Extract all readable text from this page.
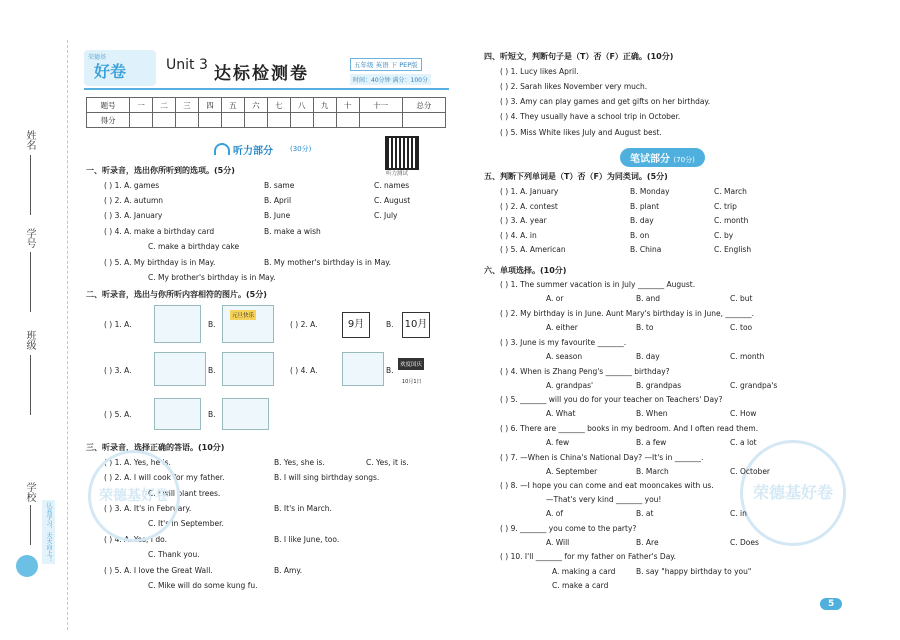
姓名
学号
班级
学校
认真学习，天天向上！
荣德基
好卷	Unit 3 达标检测卷	五年级 英语 下 PEP版
时间：40分钟 满分：100分
题号	一	二	三	四	五	六	七	八	九	十	十一	总分
得分												
听力部分 (30分)
听力测试
一、听录音，选出你所听到的选项。(5分)
( ) 1. A. games	B. same	C. names
( ) 2. A. autumn	B. April	C. August
( ) 3. A. January	B. June	C. July
( ) 4. A. make a birthday card	B. make a wish
C. make a birthday cake
( ) 5. A. My birthday is in May.	B. My mother's birthday is in May.
C. My brother's birthday is in May.
二、听录音，选出与你所听内容相符的图片。(5分)
( ) 1. A.	B.
元旦快乐
( ) 2. A.	9月	B. 10月
( ) 3. A.	B.	( ) 4. A.	B.
欢度国庆
10月1日
( ) 5. A.	B.
三、听录音，选择正确的答语。(10分)
( ) 1. A. Yes, he is.	B. Yes, she is.	C. Yes, it is.
( ) 2. A. I will cook for my father.	B. I will sing birthday songs.
C. I will plant trees.
( ) 3. A. It's in February.	B. It's in March.
C. It's in September.
( ) 4. A. Yes, I do.	B. I like June, too.
C. Thank you.
( ) 5. A. I love the Great Wall.	B. Amy.
C. Mike will do some kung fu.
荣德基好卷	荣德基好卷
四、听短文，判断句子是（T）否（F）正确。(10分)
( ) 1. Lucy likes April.
( ) 2. Sarah likes November very much.
( ) 3. Amy can play games and get gifts on her birthday.
( ) 4. They usually have a school trip in October.
( ) 5. Miss White likes July and August best.
笔试部分 (70分)
五、判断下列单词是（T）否（F）为同类词。(5分)
( ) 1. A. January	B. Monday	C. March
( ) 2. A. contest	B. plant	C. trip
( ) 3. A. year	B. day	C. month
( ) 4. A. in	B. on	C. by
( ) 5. A. American	B. China	C. English
六、单项选择。(10分)
( ) 1. The summer vacation is in July _______ August.
A. or	B. and	C. but
( ) 2. My birthday is in June. Aunt Mary's birthday is in June, _______.
A. either	B. to	C. too
( ) 3. June is my favourite _______.
A. season	B. day	C. month
( ) 4. When is Zhang Peng's _______ birthday?
A. grandpas'	B. grandpas	C. grandpa's
( ) 5. _______ will you do for your teacher on Teachers' Day?
A. What	B. When	C. How
( ) 6. There are _______ books in my bedroom. And I often read them.
A. few	B. a few	C. a lot
( ) 7. —When is China's National Day? —It's in _______.
A. September	B. March	C. October
( ) 8. —I hope you can come and eat mooncakes with us.
—That's very kind _______ you!
A. of	B. at	C. in
( ) 9. _______ you come to the party?
A. Will	B. Are	C. Does
( ) 10. I'll _______ for my father on Father's Day.
A. making a card	B. say "happy birthday to you"
C. make a card
5
